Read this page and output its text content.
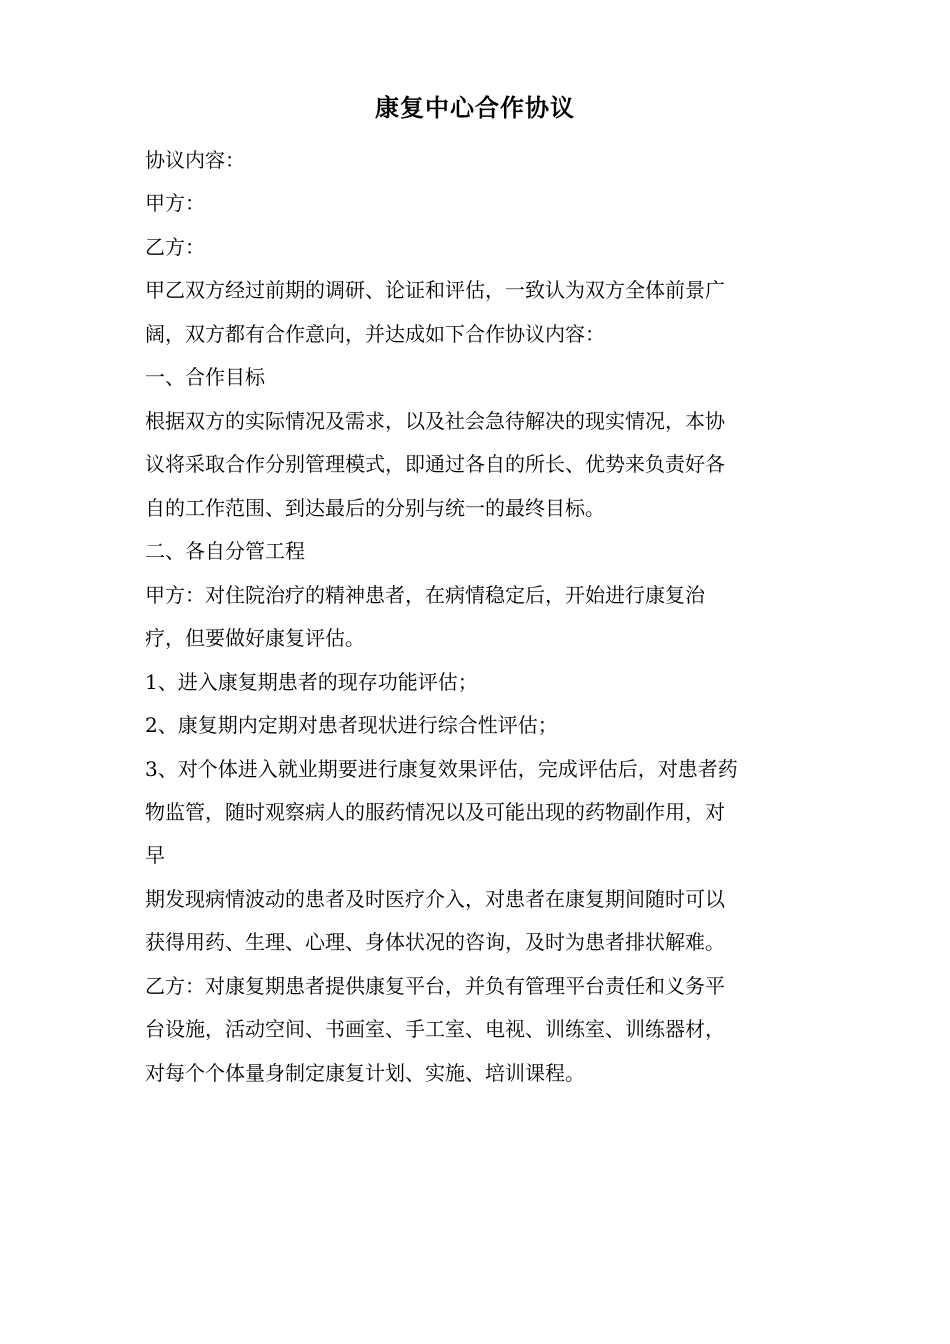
康复中心合作协议
协议内容：
甲方：
乙方：
甲乙双方经过前期的调研、论证和评估，一致认为双方全体前景广
阔，双方都有合作意向，并达成如下合作协议内容：
一、合作目标
根据双方的实际情况及需求，以及社会急待解决的现实情况，本协
议将采取合作分别管理模式，即通过各自的所长、优势来负责好各
自的工作范围、到达最后的分别与统一的最终目标。
二、各自分管工程
甲方：对住院治疗的精神患者，在病情稳定后，开始进行康复治
疗，但要做好康复评估。
1、进入康复期患者的现存功能评估；
2、康复期内定期对患者现状进行综合性评估；
3、对个体进入就业期要进行康复效果评估，完成评估后，对患者药
物监管，随时观察病人的服药情况以及可能出现的药物副作用，对
早
期发现病情波动的患者及时医疗介入，对患者在康复期间随时可以
获得用药、生理、心理、身体状况的咨询，及时为患者排状解难。
乙方：对康复期患者提供康复平台，并负有管理平台责任和义务平
台设施，活动空间、书画室、手工室、电视、训练室、训练器材，
对每个个体量身制定康复计划、实施、培训课程。
